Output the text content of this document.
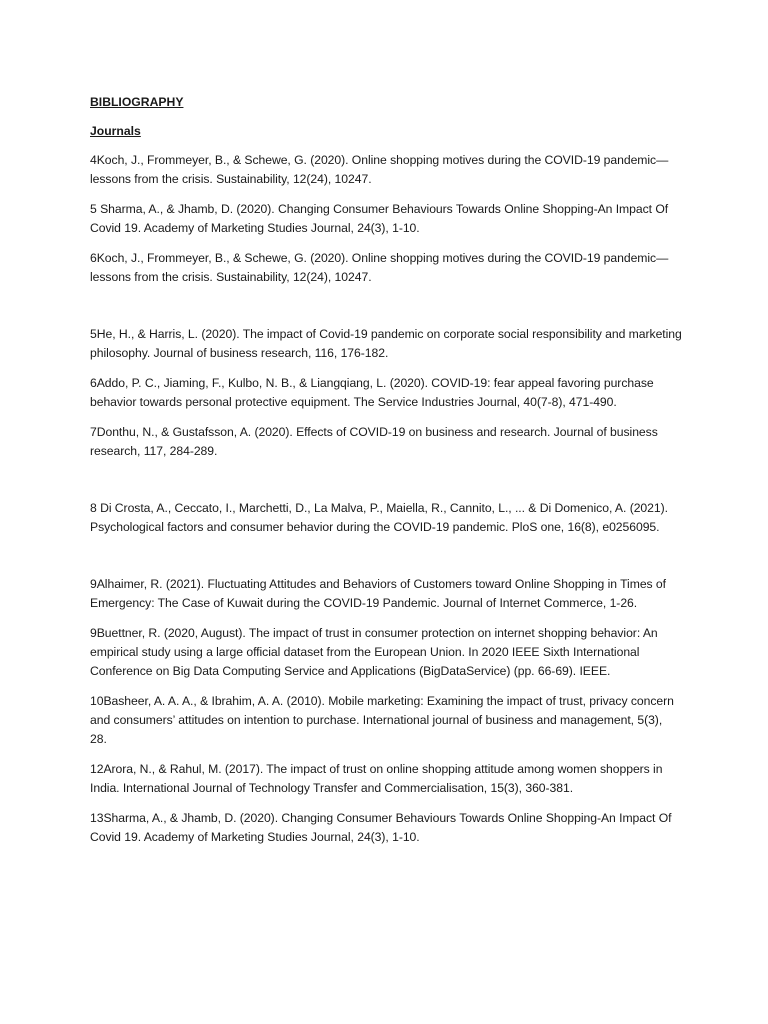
BIBLIOGRAPHY

Journals

4Koch, J., Frommeyer, B., & Schewe, G. (2020). Online shopping motives during the COVID-19 pandemic—lessons from the crisis. Sustainability, 12(24), 10247.

5 Sharma, A., & Jhamb, D. (2020). Changing Consumer Behaviours Towards Online Shopping-An Impact Of Covid 19. Academy of Marketing Studies Journal, 24(3), 1-10.

6Koch, J., Frommeyer, B., & Schewe, G. (2020). Online shopping motives during the COVID-19 pandemic—lessons from the crisis. Sustainability, 12(24), 10247.

5He, H., & Harris, L. (2020). The impact of Covid-19 pandemic on corporate social responsibility and marketing philosophy. Journal of business research, 116, 176-182.

6Addo, P. C., Jiaming, F., Kulbo, N. B., & Liangqiang, L. (2020). COVID-19: fear appeal favoring purchase behavior towards personal protective equipment. The Service Industries Journal, 40(7-8), 471-490.

7Donthu, N., & Gustafsson, A. (2020). Effects of COVID-19 on business and research. Journal of business research, 117, 284-289.

8 Di Crosta, A., Ceccato, I., Marchetti, D., La Malva, P., Maiella, R., Cannito, L., ... & Di Domenico, A. (2021). Psychological factors and consumer behavior during the COVID-19 pandemic. PloS one, 16(8), e0256095.

9Alhaimer, R. (2021). Fluctuating Attitudes and Behaviors of Customers toward Online Shopping in Times of Emergency: The Case of Kuwait during the COVID-19 Pandemic. Journal of Internet Commerce, 1-26.

9Buettner, R. (2020, August). The impact of trust in consumer protection on internet shopping behavior: An empirical study using a large official dataset from the European Union. In 2020 IEEE Sixth International Conference on Big Data Computing Service and Applications (BigDataService) (pp. 66-69). IEEE.

10Basheer, A. A. A., & Ibrahim, A. A. (2010). Mobile marketing: Examining the impact of trust, privacy concern and consumers’ attitudes on intention to purchase. International journal of business and management, 5(3), 28.

12Arora, N., & Rahul, M. (2017). The impact of trust on online shopping attitude among women shoppers in India. International Journal of Technology Transfer and Commercialisation, 15(3), 360-381.

13Sharma, A., & Jhamb, D. (2020). Changing Consumer Behaviours Towards Online Shopping-An Impact Of Covid 19. Academy of Marketing Studies Journal, 24(3), 1-10.
